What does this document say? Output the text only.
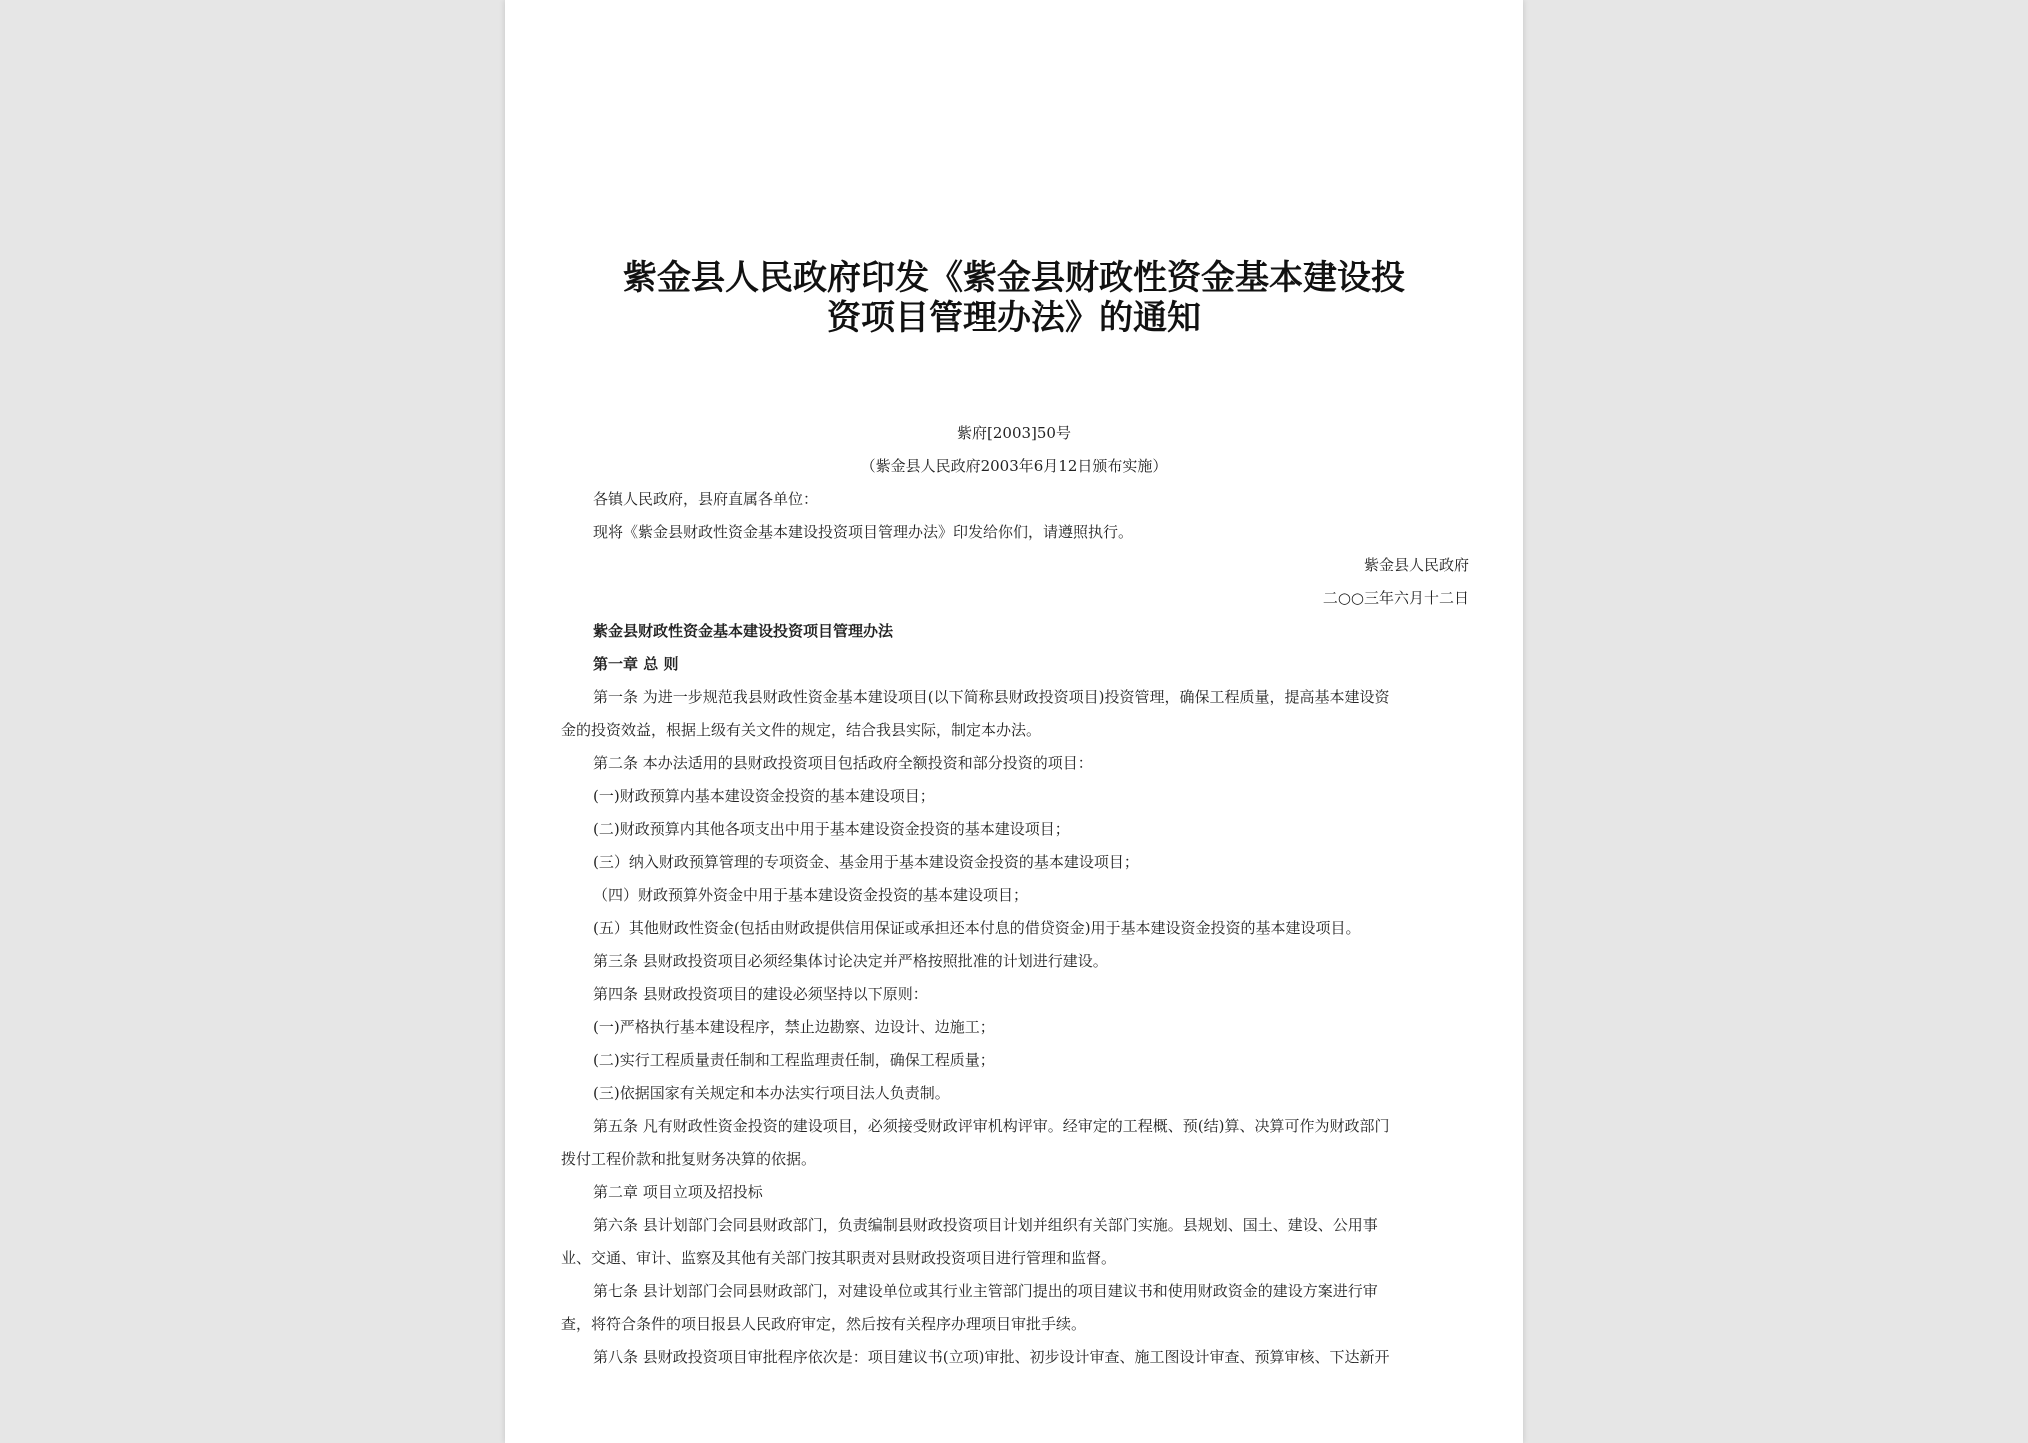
紫金县人民政府印发《紫金县财政性资金基本建设投
资项目管理办法》的通知
紫府[2003]50号
（紫金县人民政府2003年6月12日颁布实施）

各镇人民政府，县府直属各单位：

现将《紫金县财政性资金基本建设投资项目管理办法》印发给你们，请遵照执行。

紫金县人民政府

二○○三年六月十二日

紫金县财政性资金基本建设投资项目管理办法

第一章 总 则

第一条 为进一步规范我县财政性资金基本建设项目(以下简称县财政投资项目)投资管理，确保工程质量，提高基本建设资

金的投资效益，根据上级有关文件的规定，结合我县实际，制定本办法。

第二条 本办法适用的县财政投资项目包括政府全额投资和部分投资的项目：

(一)财政预算内基本建设资金投资的基本建设项目；

(二)财政预算内其他各项支出中用于基本建设资金投资的基本建设项目；

(三）纳入财政预算管理的专项资金、基金用于基本建设资金投资的基本建设项目；

（四）财政预算外资金中用于基本建设资金投资的基本建设项目；

(五）其他财政性资金(包括由财政提供信用保证或承担还本付息的借贷资金)用于基本建设资金投资的基本建设项目。

第三条 县财政投资项目必须经集体讨论决定并严格按照批准的计划进行建设。

第四条 县财政投资项目的建设必须坚持以下原则：

(一)严格执行基本建设程序，禁止边勘察、边设计、边施工；

(二)实行工程质量责任制和工程监理责任制，确保工程质量；

(三)依据国家有关规定和本办法实行项目法人负责制。

第五条 凡有财政性资金投资的建设项目，必须接受财政评审机构评审。经审定的工程概、预(结)算、决算可作为财政部门

拨付工程价款和批复财务决算的依据。

第二章 项目立项及招投标

第六条 县计划部门会同县财政部门，负责编制县财政投资项目计划并组织有关部门实施。县规划、国土、建设、公用事

业、交通、审计、监察及其他有关部门按其职责对县财政投资项目进行管理和监督。

第七条 县计划部门会同县财政部门，对建设单位或其行业主管部门提出的项目建议书和使用财政资金的建设方案进行审

查，将符合条件的项目报县人民政府审定，然后按有关程序办理项目审批手续。

第八条 县财政投资项目审批程序依次是：项目建议书(立项)审批、初步设计审查、施工图设计审查、预算审核、下达新开
